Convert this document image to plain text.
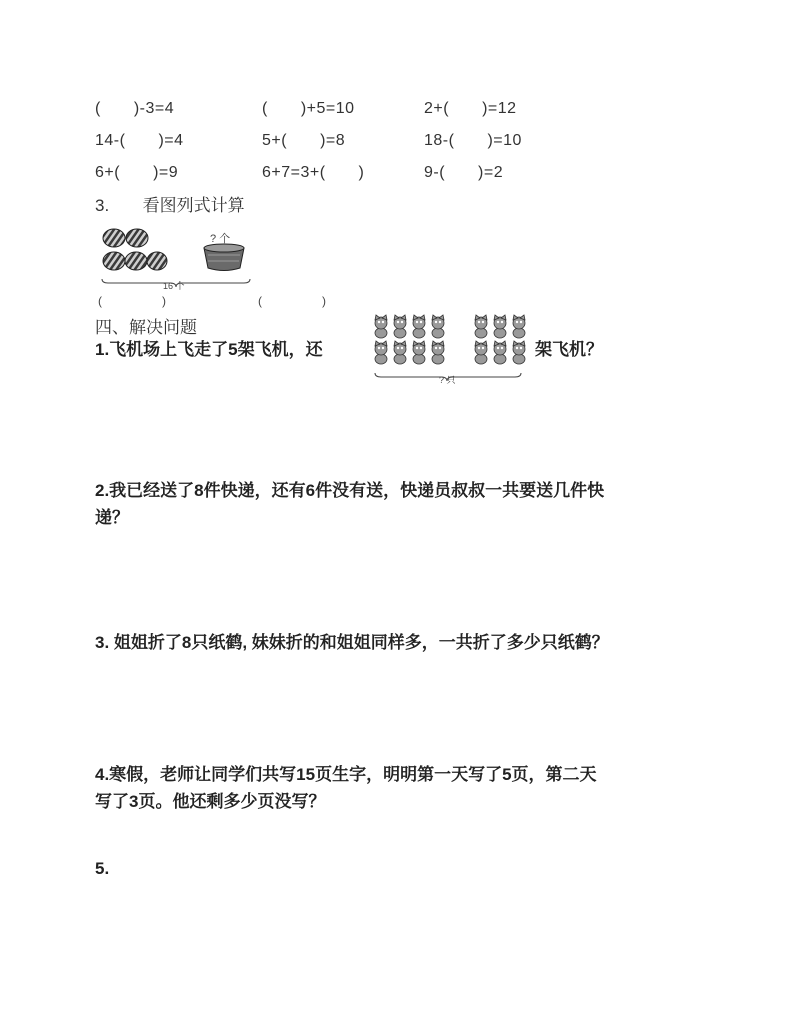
(　　)-3=4	(　　)+5=10	2+(　　)=12
14-(　　)=4	5+(　　)=8	18-(　　)=10
6+(　　)=9	6+7=3+(　　)	9-(　　)=2
3. 看图列式计算
? 个
16 个
(　　　　　)	(　　　　　)
四、解决问题
1.飞机场上飞走了5架飞机，还	架飞机？
? 只
2.我已经送了8件快递，还有6件没有送，快递员叔叔一共要送几件快
递？
3. 姐姐折了8只纸鹤, 妹妹折的和姐姐同样多，一共折了多少只纸鹤？
4.寒假，老师让同学们共写15页生字，明明第一天写了5页，第二天
写了3页。他还剩多少页没写？
5.
